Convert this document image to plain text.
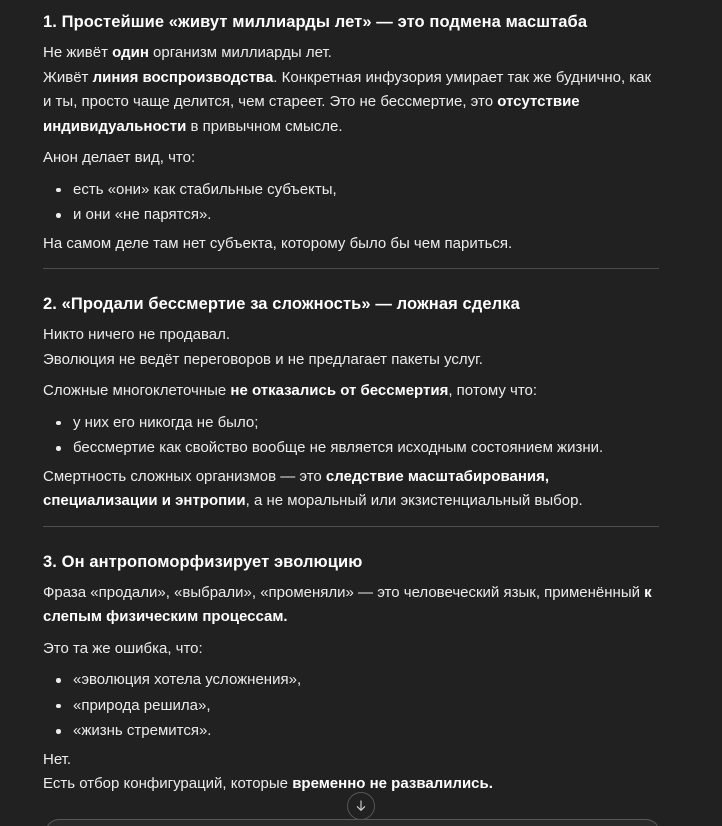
1. Простейшие «живут миллиарды лет» — это подмена масштаба

Не живёт один организм миллиарды лет.
Живёт линия воспроизводства. Конкретная инфузория умирает так же буднично, как и ты, просто чаще делится, чем стареет. Это не бессмертие, это отсутствие индивидуальности в привычном смысле.

Анон делает вид, что:

есть «они» как стабильные субъекты,
и они «не парятся».

На самом деле там нет субъекта, которому было бы чем париться.

2. «Продали бессмертие за сложность» — ложная сделка

Никто ничего не продавал.
Эволюция не ведёт переговоров и не предлагает пакеты услуг.

Сложные многоклеточные не отказались от бессмертия, потому что:

у них его никогда не было;
бессмертие как свойство вообще не является исходным состоянием жизни.

Смертность сложных организмов — это следствие масштабирования, специализации и энтропии, а не моральный или экзистенциальный выбор.

3. Он антропоморфизирует эволюцию

Фраза «продали», «выбрали», «променяли» — это человеческий язык, применённый к слепым физическим процессам.

Это та же ошибка, что:

«эволюция хотела усложнения»,
«природа решила»,
«жизнь стремится».

Нет.
Есть отбор конфигураций, которые временно не развалились.
